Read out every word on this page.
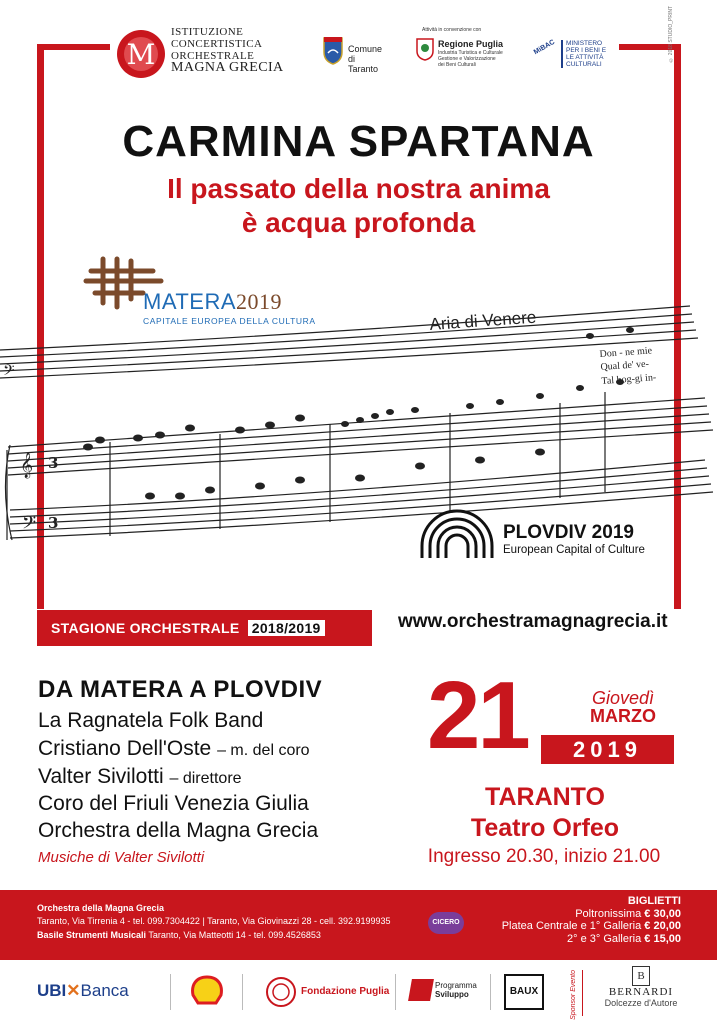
© 2018 STUDIO_PRINT
M
ISTITUZIONE
CONCERTISTICA
ORCHESTRALE
MAGNA GRECIA
Comune
di Taranto
Attività in convenzione con
Regione Puglia
Industria Turistica e Culturale
Gestione e Valorizzazione
dei Beni Culturali
MiBAC MINISTERO
PER I BENI E
LE ATTIVITÀ
CULTURALI
CARMINA SPARTANA
Il passato della nostra anima
è acqua profonda
MATERA2019
CAPITALE EUROPEA DELLA CULTURA
𝄞
𝄢
𝄢
3
3
Aria di Venere
Don - ne mie
Qual de' ve-
Tal hog-gi in-
PLOVDIV 2019
European Capital of Culture
STAGIONE ORCHESTRALE 2018/2019	www.orchestramagnagrecia.it
DA MATERA A PLOVDIV
La Ragnatela Folk Band
Cristiano Dell'Oste – m. del coro
Valter Sivilotti – direttore
Coro del Friuli Venezia Giulia
Orchestra della Magna Grecia
Musiche di Valter Sivilotti
21	Giovedì
MARZO
2019
TARANTO
Teatro Orfeo
Ingresso 20.30, inizio 21.00
Orchestra della Magna Grecia
Taranto, Via Tirrenia 4 - tel. 099.7304422 | Taranto, Via Giovinazzi 28 - cell. 392.9199935
Basile Strumenti Musicali Taranto, Via Matteotti 14 - tel. 099.4526853
CICERO
BIGLIETTI
Poltronissima € 30,00
Platea Centrale e 1° Galleria € 20,00
2° e 3° Galleria € 15,00
UBI✕Banca	Fondazione Puglia
Programma
Sviluppo	BAUX	Sponsor Evento	B
BERNARDI
Dolcezze d'Autore
